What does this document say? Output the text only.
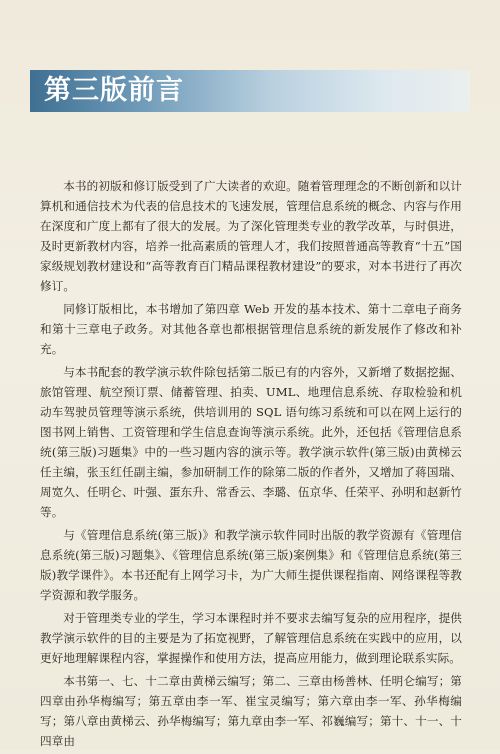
第三版前言

本书的初版和修订版受到了广大读者的欢迎。随着管理理念的不断创新和以计算机和通信技术为代表的信息技术的飞速发展，管理信息系统的概念、内容与作用在深度和广度上都有了很大的发展。为了深化管理类专业的教学改革，与时俱进，及时更新教材内容，培养一批高素质的管理人才，我们按照普通高等教育“十五”国家级规划教材建设和“高等教育百门精品课程教材建设”的要求，对本书进行了再次修订。

同修订版相比，本书增加了第四章 Web 开发的基本技术、第十二章电子商务和第十三章电子政务。对其他各章也都根据管理信息系统的新发展作了修改和补充。

与本书配套的教学演示软件除包括第二版已有的内容外，又新增了数据挖掘、旅馆管理、航空预订票、储蓄管理、拍卖、UML、地理信息系统、存取检验和机动车驾驶员管理等演示系统，供培训用的 SQL 语句练习系统和可以在网上运行的图书网上销售、工资管理和学生信息查询等演示系统。此外，还包括《管理信息系统(第三版)习题集》中的一些习题内容的演示等。教学演示软件(第三版)由黄梯云任主编，张玉红任副主编，参加研制工作的除第二版的作者外，又增加了蒋国瑞、周宽久、任明仑、叶强、蛋东升、常香云、李璐、伍京华、任荣平、孙明和赵新竹等。

与《管理信息系统(第三版)》和教学演示软件同时出版的教学资源有《管理信息系统(第三版)习题集》、《管理信息系统(第三版)案例集》和《管理信息系统(第三版)教学课件》。本书还配有上网学习卡，为广大师生提供课程指南、网络课程等教学资源和教学服务。

对于管理类专业的学生，学习本课程时并不要求去编写复杂的应用程序，提供教学演示软件的目的主要是为了拓宽视野，了解管理信息系统在实践中的应用，以更好地理解课程内容，掌握操作和使用方法，提高应用能力，做到理论联系实际。

本书第一、七、十二章由黄梯云编写；第二、三章由杨善林、任明仑编写；第四章由孙华梅编写；第五章由李一军、崔宝灵编写；第六章由李一军、孙华梅编写；第八章由黄梯云、孙华梅编写；第九章由李一军、祁巍编写；第十、十一、十四章由
